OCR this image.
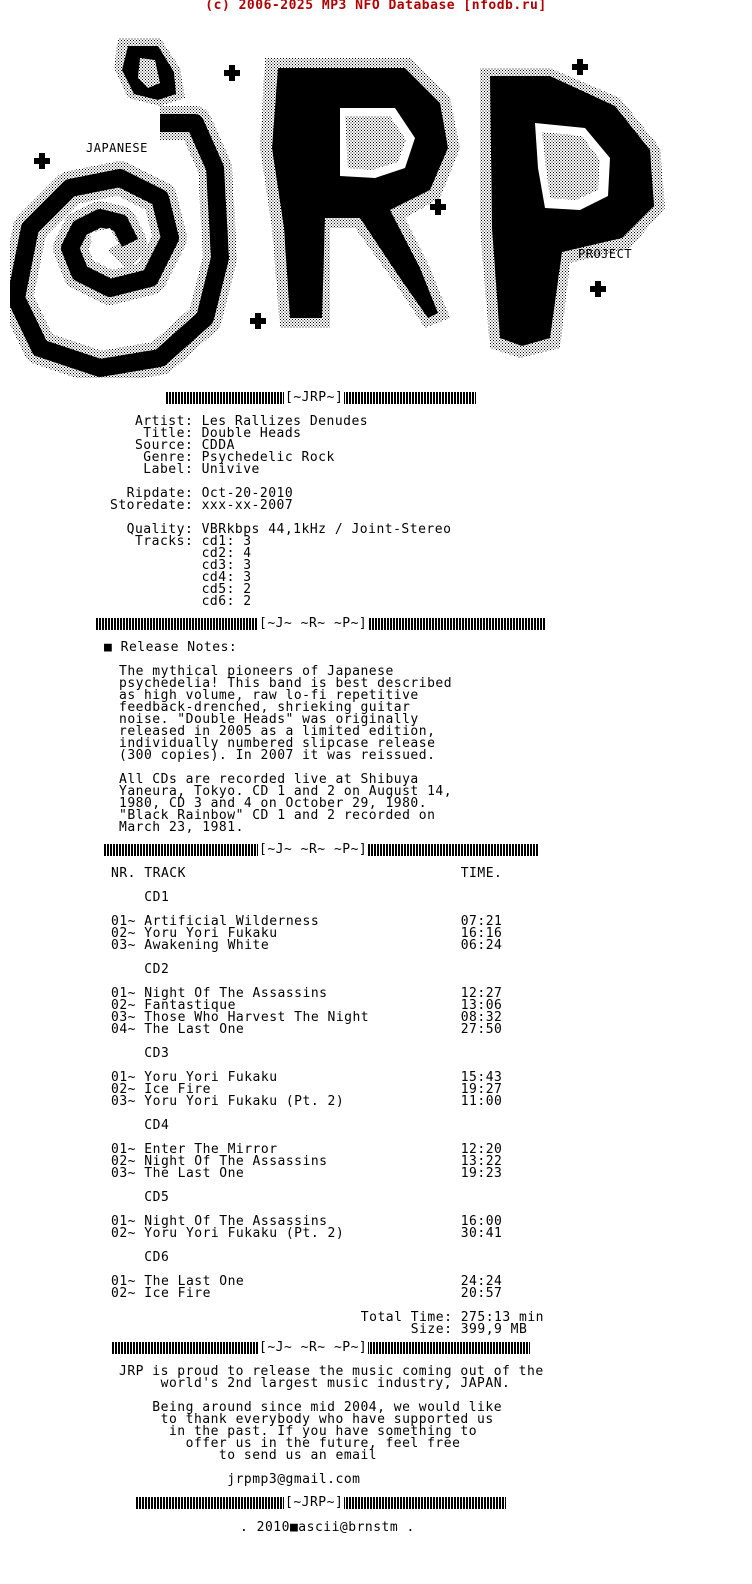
(c) 2006-2025 MP3 NFO Database [nfodb.ru]
JAPANESE
RELEASE
PROJECT
[~JRP~]
Artist: Les Rallizes Denudes
Title: Double Heads
Source: CDDA
Genre: Psychedelic Rock
Label: Univive

Ripdate: Oct-20-2010
Storedate: xxx-xx-2007

Quality: VBRkbps 44,1kHz / Joint-Stereo
Tracks: cd1: 3
cd2: 4
cd3: 3
cd4: 3
cd5: 2
cd6: 2
[~J~ ~R~ ~P~]
■ Release Notes:
The mythical pioneers of Japanese
psychedelia! This band is best described
as high volume, raw lo-fi repetitive
feedback-drenched, shrieking guitar
noise. "Double Heads" was originally
released in 2005 as a limited edition,
individually numbered slipcase release
(300 copies). In 2007 it was reissued.

All CDs are recorded live at Shibuya
Yaneura, Tokyo. CD 1 and 2 on August 14,
1980, CD 3 and 4 on October 29, 1980.
"Black Rainbow" CD 1 and 2 recorded on
March 23, 1981.
[~J~ ~R~ ~P~]
NR. TRACK                                 TIME.

CD1

01~ Artificial Wilderness                 07:21
02~ Yoru Yori Fukaku                      16:16
03~ Awakening White                       06:24

CD2

01~ Night Of The Assassins                12:27
02~ Fantastique                           13:06
03~ Those Who Harvest The Night           08:32
04~ The Last One                          27:50

CD3

01~ Yoru Yori Fukaku                      15:43
02~ Ice Fire                              19:27
03~ Yoru Yori Fukaku (Pt. 2)              11:00

CD4

01~ Enter The Mirror                      12:20
02~ Night Of The Assassins                13:22
03~ The Last One                          19:23

CD5

01~ Night Of The Assassins                16:00
02~ Yoru Yori Fukaku (Pt. 2)              30:41

CD6

01~ The Last One                          24:24
02~ Ice Fire                              20:57

Total Time: 275:13 min
Size: 399,9 MB
[~J~ ~R~ ~P~]
JRP is proud to release the music coming out of the
world's 2nd largest music industry, JAPAN.

Being around since mid 2004, we would like
to thank everybody who have supported us
in the past. If you have something to
offer us in the future, feel free
to send us an email

jrpmp3@gmail.com
[~JRP~]
. 2010■ascii@brnstm .
